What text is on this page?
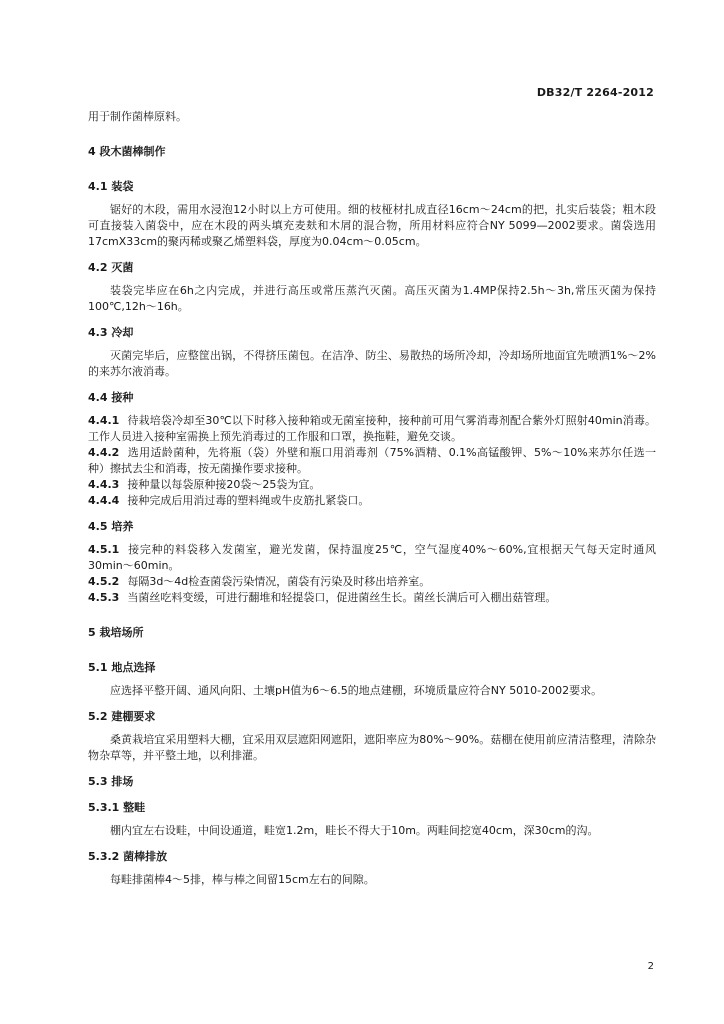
DB32/T 2264-2012

用于制作菌棒原料。

4 段木菌棒制作

4.1 装袋

锯好的木段，需用水浸泡12小时以上方可使用。细的枝桠材扎成直径16cm～24cm的把，扎实后装袋；粗木段可直接装入菌袋中，应在木段的两头填充麦麸和木屑的混合物，所用材料应符合NY 5099—2002要求。菌袋选用17cmX33cm的聚丙稀或聚乙烯塑料袋，厚度为0.04cm～0.05cm。

4.2 灭菌

装袋完毕应在6h之内完成，并进行高压或常压蒸汽灭菌。高压灭菌为1.4MP保持2.5h～3h,常压灭菌为保持100℃,12h～16h。

4.3 冷却

灭菌完毕后，应整筐出锅，不得挤压菌包。在洁净、防尘、易散热的场所冷却，冷却场所地面宜先喷洒1%～2%的来苏尔液消毒。

4.4 接种

4.4.1 待栽培袋冷却至30℃以下时移入接种箱或无菌室接种，接种前可用气雾消毒剂配合紫外灯照射40min消毒。工作人员进入接种室需换上预先消毒过的工作服和口罩，换拖鞋，避免交谈。

4.4.2 选用适龄菌种，先将瓶（袋）外壁和瓶口用消毒剂（75%酒精、0.1%高锰酸钾、5%～10%来苏尔任选一种）擦拭去尘和消毒，按无菌操作要求接种。

4.4.3 接种量以每袋原种接20袋～25袋为宜。

4.4.4 接种完成后用消过毒的塑料绳或牛皮筋扎紧袋口。

4.5 培养

4.5.1 接完种的料袋移入发菌室，避光发菌，保持温度25℃，空气湿度40%～60%,宜根据天气每天定时通风30min～60min。

4.5.2 每隔3d～4d检查菌袋污染情况，菌袋有污染及时移出培养室。

4.5.3 当菌丝吃料变缓，可进行翻堆和轻提袋口，促进菌丝生长。菌丝长满后可入棚出菇管理。

5 栽培场所

5.1 地点选择

应选择平整开阔、通风向阳、土壤pH值为6～6.5的地点建棚，环境质量应符合NY 5010-2002要求。

5.2 建棚要求

桑黄栽培宜采用塑料大棚，宜采用双层遮阳网遮阳，遮阳率应为80%～90%。菇棚在使用前应清洁整理，清除杂物杂草等，并平整土地，以利排灌。

5.3 排场

5.3.1 整畦

棚内宜左右设畦，中间设通道，畦宽1.2m，畦长不得大于10m。两畦间挖宽40cm，深30cm的沟。

5.3.2 菌棒排放

每畦排菌棒4～5排，棒与棒之间留15cm左右的间隙。

2
